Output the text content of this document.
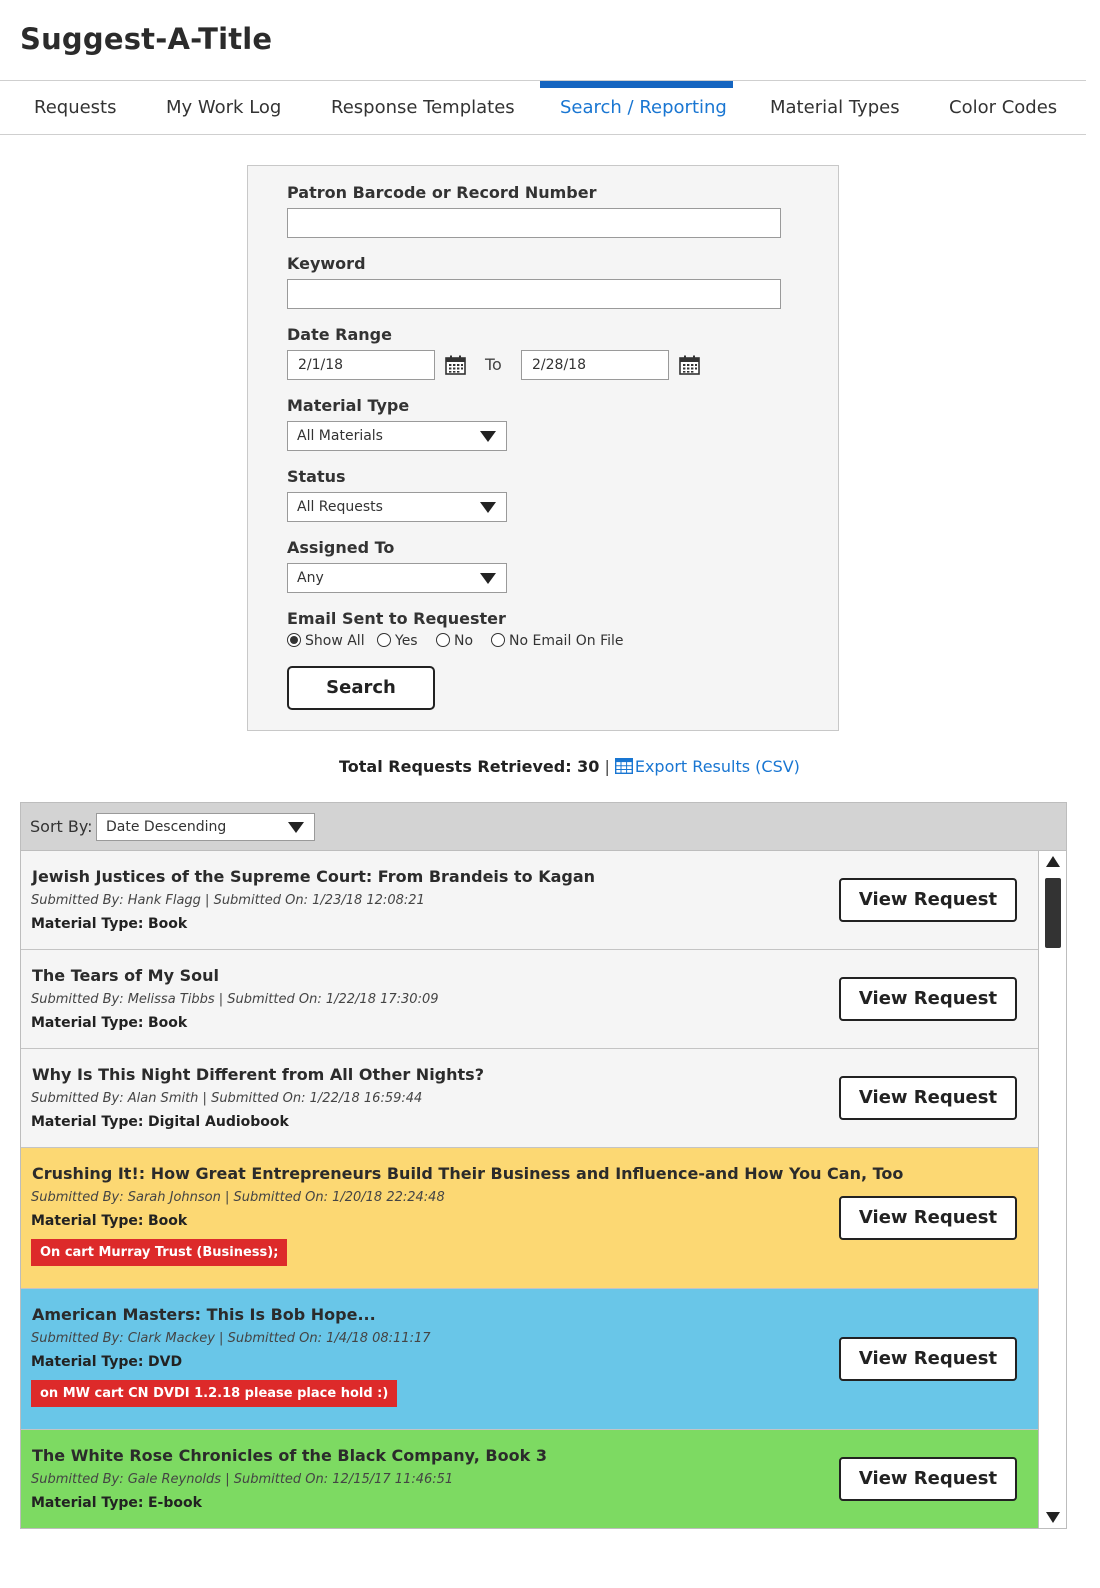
Suggest-A-Title
Requests	My Work Log	Response Templates	Search / Reporting Material Types	Color Codes
Patron Barcode or Record Number
Keyword
Date Range
2/1/18
To
2/28/18
Material Type
All Materials
Status
All Requests
Assigned To
Any
Email Sent to Requester
Show All	Yes	No	No Email On File
Search
Total Requests Retrieved: 30 | Export Results (CSV)
Sort By: Date Descending
Jewish Justices of the Supreme Court: From Brandeis to Kagan
Submitted By: Hank Flagg | Submitted On: 1/23/18 12:08:21
Material Type: Book
View Request
The Tears of My Soul
Submitted By: Melissa Tibbs | Submitted On: 1/22/18 17:30:09
Material Type: Book
View Request
Why Is This Night Different from All Other Nights?
Submitted By: Alan Smith | Submitted On: 1/22/18 16:59:44
Material Type: Digital Audiobook
View Request
Crushing It!: How Great Entrepreneurs Build Their Business and Influence-and How You Can, Too
Submitted By: Sarah Johnson | Submitted On: 1/20/18 22:24:48
Material Type: Book
On cart Murray Trust (Business);
View Request
American Masters: This Is Bob Hope...
Submitted By: Clark Mackey | Submitted On: 1/4/18 08:11:17
Material Type: DVD
on MW cart CN DVDI 1.2.18 please place hold :)
View Request
The White Rose Chronicles of the Black Company, Book 3
Submitted By: Gale Reynolds | Submitted On: 12/15/17 11:46:51
Material Type: E-book
View Request
